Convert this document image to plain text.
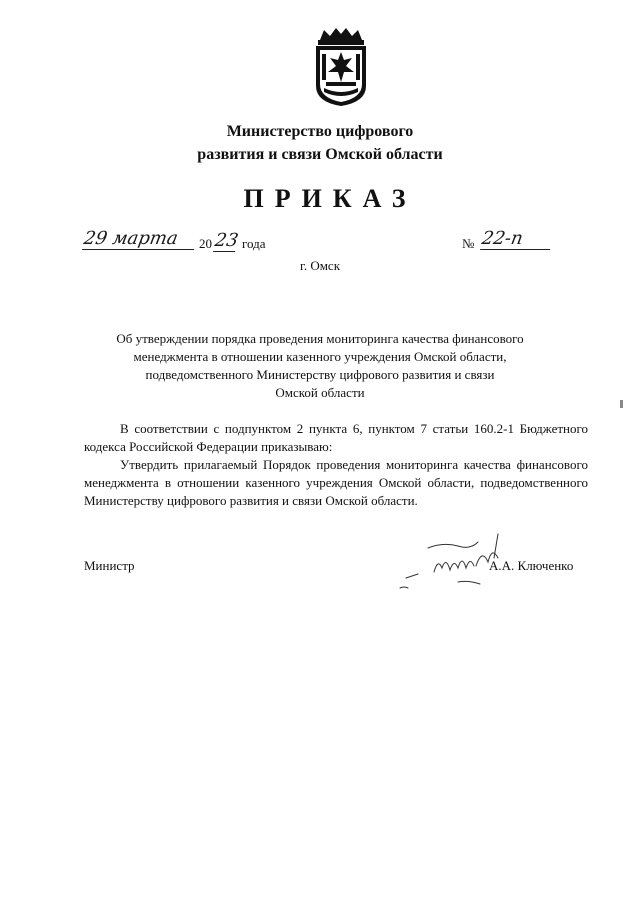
Министерство цифрового
развития и связи Омской области
ПРИКАЗ
29 марта	20 23 года	№ 22-п
г. Омск
Об утверждении порядка проведения мониторинга качества финансового
менеджмента в отношении казенного учреждения Омской области,
подведомственного Министерству цифрового развития и связи
Омской области

В соответствии с подпунктом 2 пункта 6, пунктом 7 статьи 160.2-1 Бюджетного кодекса Российской Федерации приказываю:

Утвердить прилагаемый Порядок проведения мониторинга качества финансового менеджмента в отношении казенного учреждения Омской области, подведомственного Министерству цифрового развития и связи Омской области.

Министр	А.А. Ключенко
